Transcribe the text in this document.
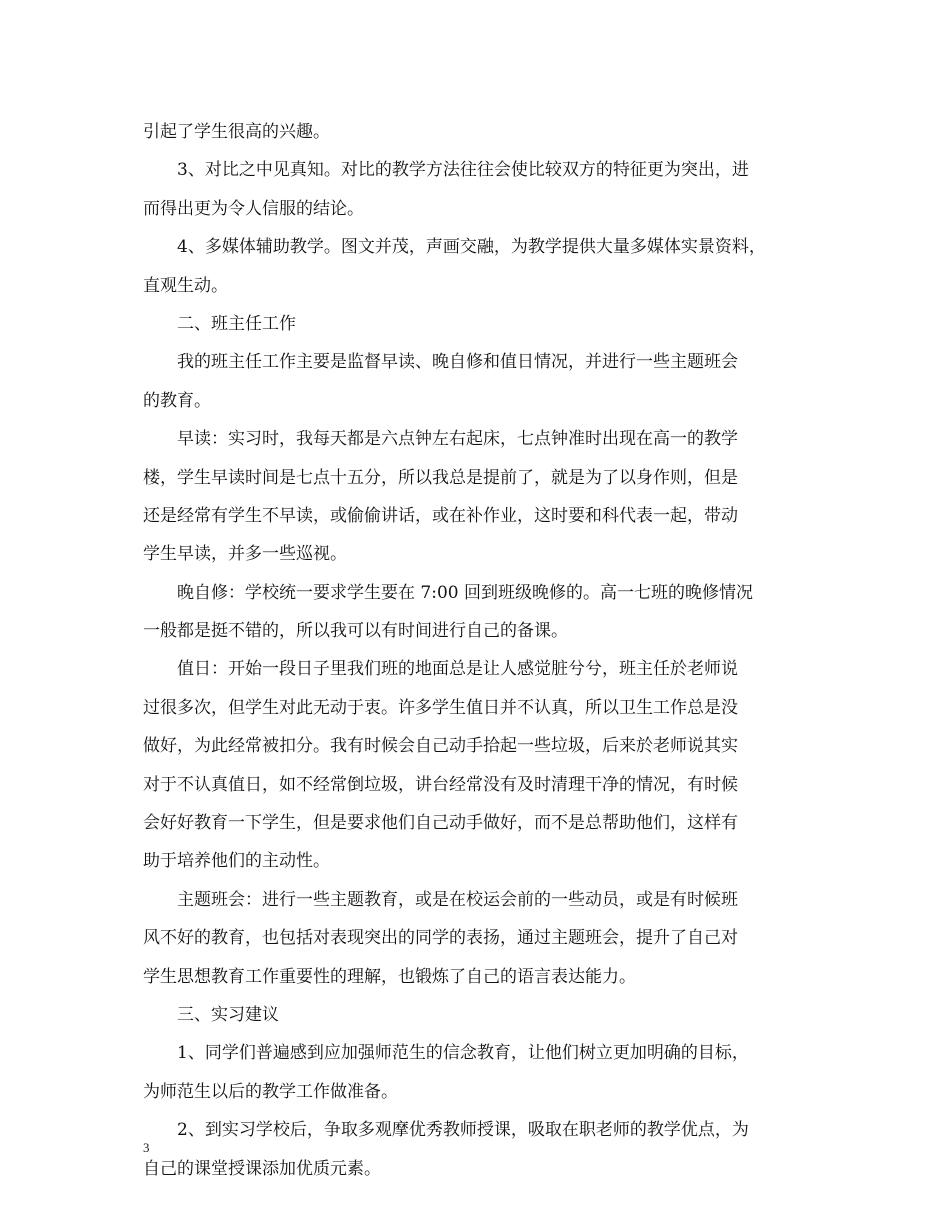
引起了学生很高的兴趣。
3、对比之中见真知。对比的教学方法往往会使比较双方的特征更为突出，进
而得出更为令人信服的结论。
4、多媒体辅助教学。图文并茂，声画交融，为教学提供大量多媒体实景资料，
直观生动。
二、班主任工作
我的班主任工作主要是监督早读、晚自修和值日情况，并进行一些主题班会
的教育。
早读：实习时，我每天都是六点钟左右起床，七点钟准时出现在高一的教学
楼，学生早读时间是七点十五分，所以我总是提前了，就是为了以身作则，但是
还是经常有学生不早读，或偷偷讲话，或在补作业，这时要和科代表一起，带动
学生早读，并多一些巡视。
晚自修：学校统一要求学生要在 7:00 回到班级晚修的。高一七班的晚修情况
一般都是挺不错的，所以我可以有时间进行自己的备课。
值日：开始一段日子里我们班的地面总是让人感觉脏兮兮，班主任於老师说
过很多次，但学生对此无动于衷。许多学生值日并不认真，所以卫生工作总是没
做好，为此经常被扣分。我有时候会自己动手拾起一些垃圾，后来於老师说其实
对于不认真值日，如不经常倒垃圾，讲台经常没有及时清理干净的情况，有时候
会好好教育一下学生，但是要求他们自己动手做好，而不是总帮助他们，这样有
助于培养他们的主动性。
主题班会：进行一些主题教育，或是在校运会前的一些动员，或是有时候班
风不好的教育，也包括对表现突出的同学的表扬，通过主题班会，提升了自己对
学生思想教育工作重要性的理解，也锻炼了自己的语言表达能力。
三、实习建议
1、同学们普遍感到应加强师范生的信念教育，让他们树立更加明确的目标，
为师范生以后的教学工作做准备。
2、到实习学校后，争取多观摩优秀教师授课，吸取在职老师的教学优点，为
自己的课堂授课添加优质元素。
3
